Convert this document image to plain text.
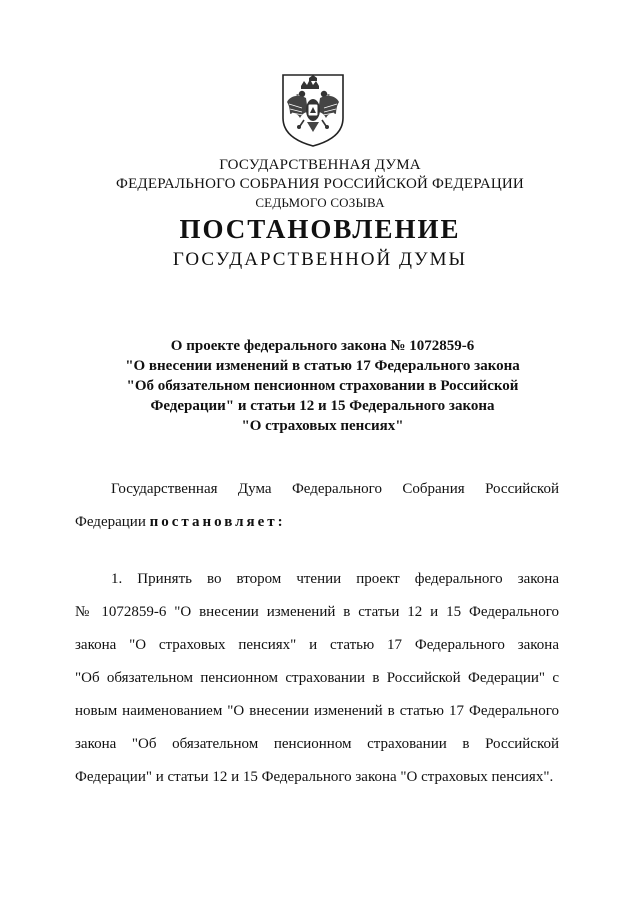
ГОСУДАРСТВЕННАЯ ДУМА
ФЕДЕРАЛЬНОГО СОБРАНИЯ РОССИЙСКОЙ ФЕДЕРАЦИИ
СЕДЬМОГО СОЗЫВА
ПОСТАНОВЛЕНИЕ
ГОСУДАРСТВЕННОЙ ДУМЫ
О проекте федерального закона № 1072859-6
"О внесении изменений в статью 17 Федерального закона
"Об обязательном пенсионном страховании в Российской
Федерации" и статьи 12 и 15 Федерального закона
"О страховых пенсиях"
Государственная Дума Федерального Собрания Российской
Федерации постановляет:
1. Принять во втором чтении проект федерального закона
№ 1072859-6 "О внесении изменений в статьи 12 и 15 Федерального
закона "О страховых пенсиях" и статью 17 Федерального закона
"Об обязательном пенсионном страховании в Российской Федерации" с
новым наименованием "О внесении изменений в статью 17 Федерального
закона "Об обязательном пенсионном страховании в Российской
Федерации" и статьи 12 и 15 Федерального закона "О страховых пенсиях".
